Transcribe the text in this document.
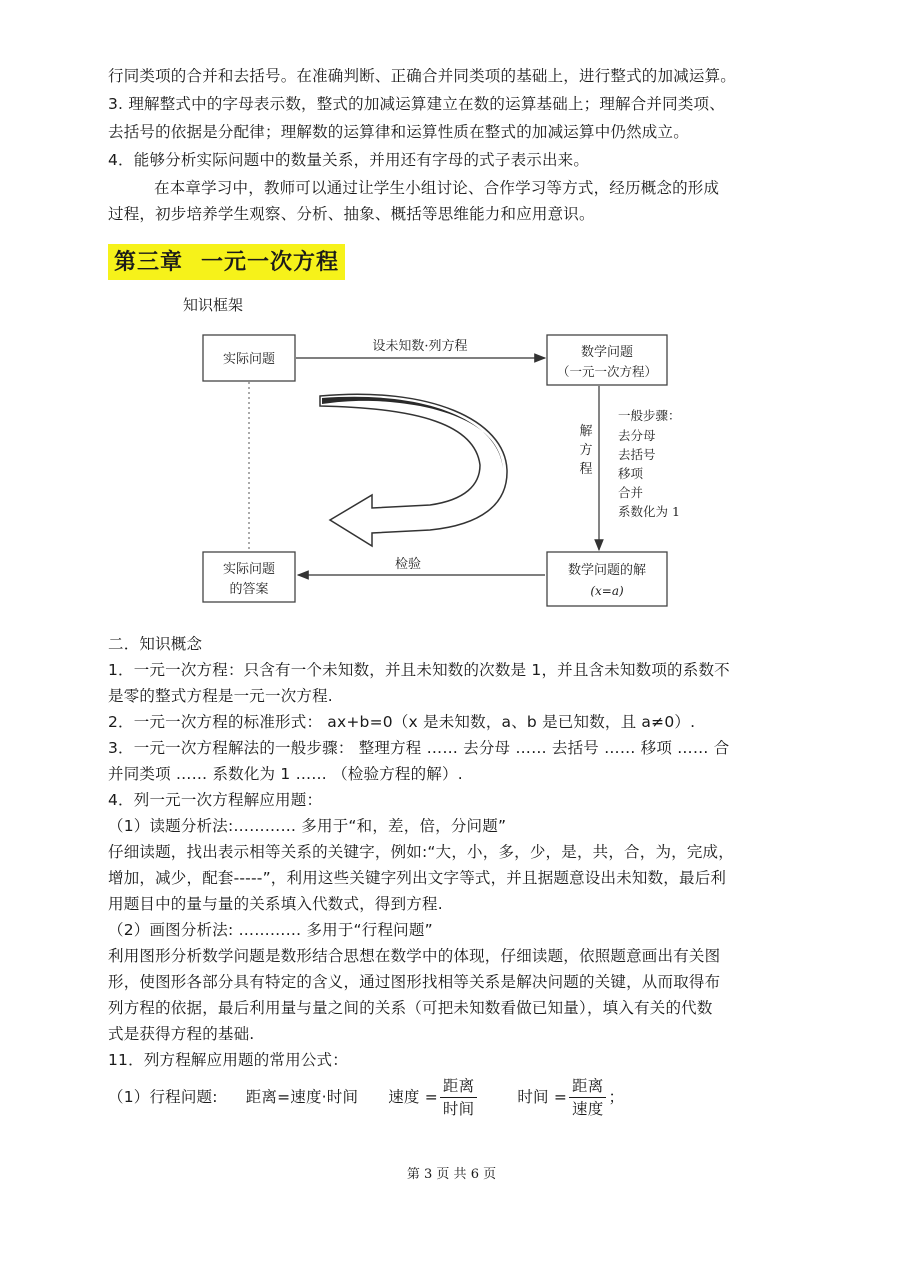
行同类项的合并和去括号。在准确判断、正确合并同类项的基础上，进行整式的加减运算。
3. 理解整式中的字母表示数，整式的加减运算建立在数的运算基础上；理解合并同类项、
去括号的依据是分配律；理解数的运算律和运算性质在整式的加减运算中仍然成立。
4．能够分析实际问题中的数量关系，并用还有字母的式子表示出来。
在本章学习中，教师可以通过让学生小组讨论、合作学习等方式，经历概念的形成
过程，初步培养学生观察、分析、抽象、概括等思维能力和应用意识。
第三章 一元一次方程
知识框架
实际问题	数学问题
（一元一次方程）
实际问题
的答案
数学问题的解
(x=a)
设未知数·列方程
解
方
程
一般步骤：
去分母
去括号
移项
合并
系数化为 1
检验
二．知识概念
1．一元一次方程：只含有一个未知数，并且未知数的次数是 1，并且含未知数项的系数不
是零的整式方程是一元一次方程.
2．一元一次方程的标准形式： ax+b=0（x 是未知数，a、b 是已知数，且 a≠0）.
3．一元一次方程解法的一般步骤： 整理方程 …… 去分母 …… 去括号 …… 移项 …… 合
并同类项 …… 系数化为 1 …… （检验方程的解）.
4．列一元一次方程解应用题：
（1）读题分析法:………… 多用于“和，差，倍，分问题”
仔细读题，找出表示相等关系的关键字，例如:“大，小，多，少，是，共，合，为，完成，
增加，减少，配套-----”，利用这些关键字列出文字等式，并且据题意设出未知数，最后利
用题目中的量与量的关系填入代数式，得到方程.
（2）画图分析法: ………… 多用于“行程问题”
利用图形分析数学问题是数形结合思想在数学中的体现，仔细读题，依照题意画出有关图
形，使图形各部分具有特定的含义，通过图形找相等关系是解决问题的关键，从而取得布
列方程的依据，最后利用量与量之间的关系（可把未知数看做已知量），填入有关的代数
式是获得方程的基础.
11．列方程解应用题的常用公式：
（1）行程问题: 距离=速度·时间 速度 = $\frac{\text{距离}}{\text{时间}}$	时间 = $\frac{\text{距离}}{\text{速度}}$ ；
第 3 页 共 6 页
